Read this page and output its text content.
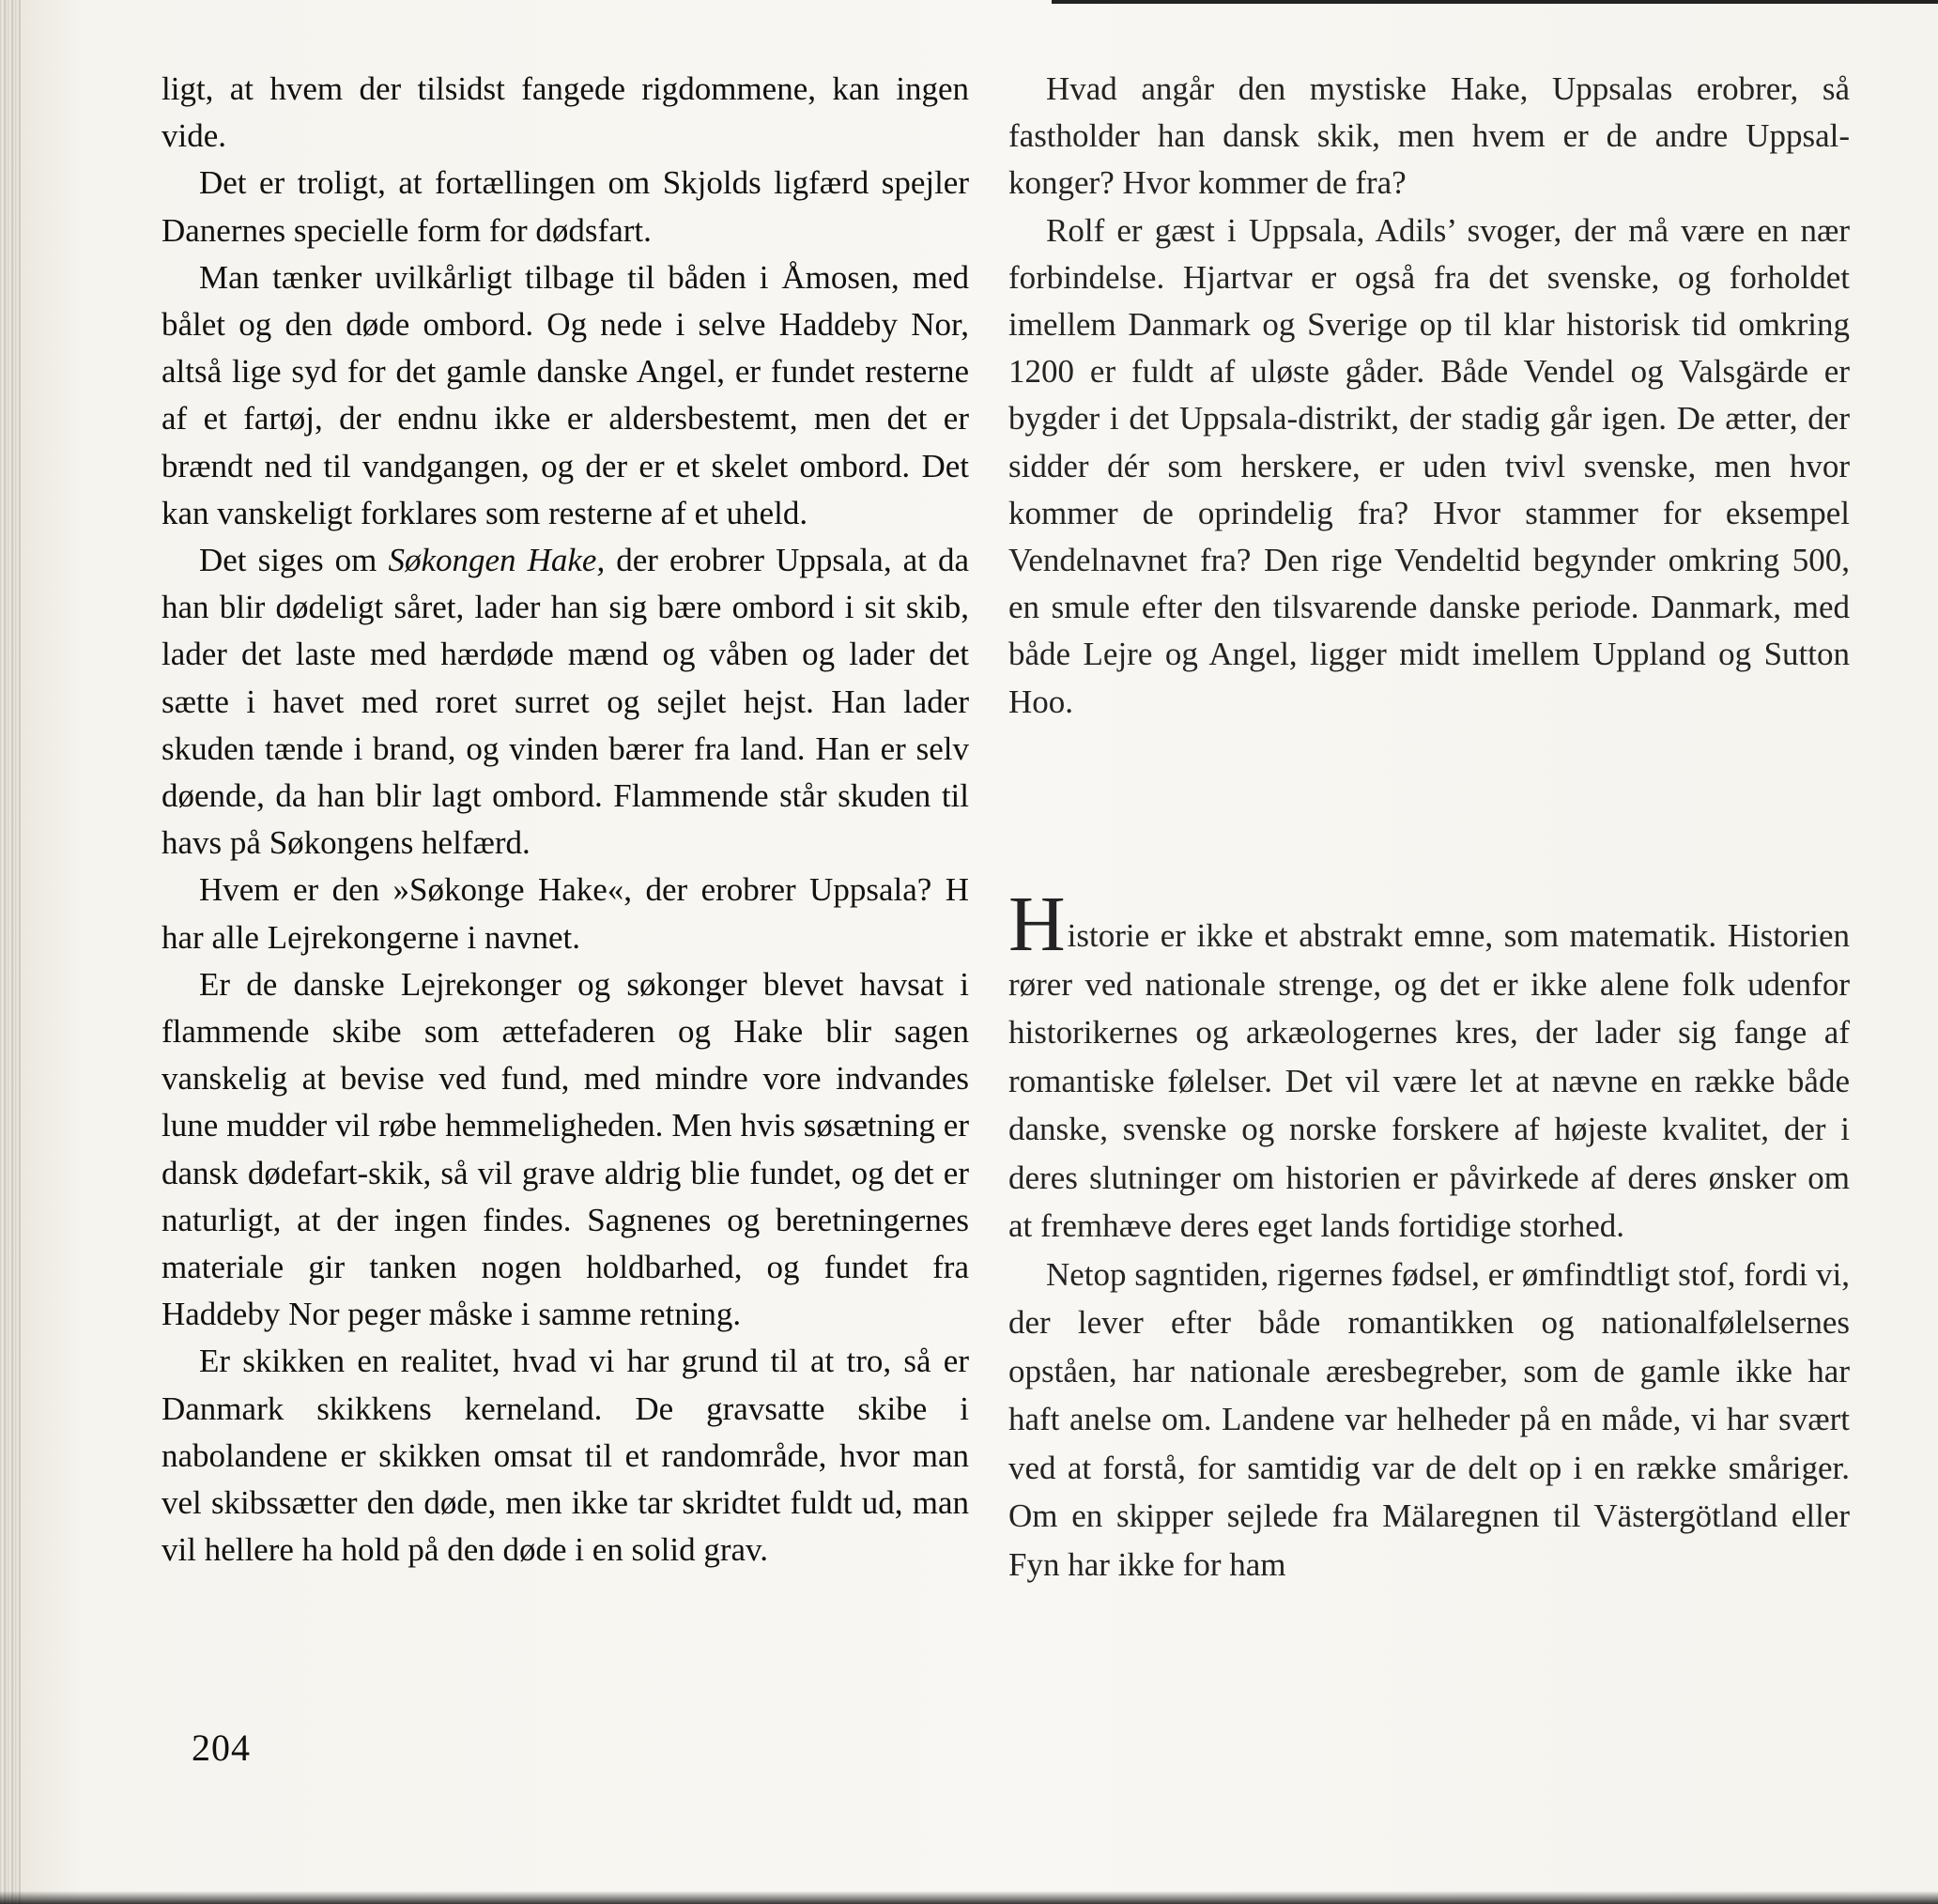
ligt, at hvem der tilsidst fangede rigdommene, kan ingen vide.

Det er troligt, at fortællingen om Skjolds ligfærd spejler Danernes specielle form for dødsfart.

Man tænker uvilkårligt tilbage til båden i Åmosen, med bålet og den døde ombord. Og nede i selve Haddeby Nor, altså lige syd for det gamle danske Angel, er fundet resterne af et fartøj, der endnu ikke er aldersbestemt, men det er brændt ned til vandgangen, og der er et skelet ombord. Det kan vanskeligt forklares som resterne af et uheld.

Det siges om Søkongen Hake, der erobrer Uppsala, at da han blir dødeligt såret, lader han sig bære ombord i sit skib, lader det laste med hærdøde mænd og våben og lader det sætte i havet med roret surret og sejlet hejst. Han lader skuden tænde i brand, og vinden bærer fra land. Han er selv døende, da han blir lagt ombord. Flammende står skuden til havs på Søkongens helfærd.

Hvem er den »Søkonge Hake«, der erobrer Uppsala? H har alle Lejrekongerne i navnet.

Er de danske Lejrekonger og søkonger blevet havsat i flammende skibe som ættefaderen og Hake blir sagen vanskelig at bevise ved fund, med mindre vore indvandes lune mudder vil røbe hemmeligheden. Men hvis søsætning er dansk dødefart-skik, så vil grave aldrig blie fundet, og det er naturligt, at der ingen findes. Sagnenes og beretningernes materiale gir tanken nogen holdbarhed, og fundet fra Haddeby Nor peger måske i samme retning.

Er skikken en realitet, hvad vi har grund til at tro, så er Danmark skikkens kerneland. De gravsatte skibe i nabolandene er skikken omsat til et randområde, hvor man vel skibssætter den døde, men ikke tar skridtet fuldt ud, man vil hellere ha hold på den døde i en solid grav.

Hvad angår den mystiske Hake, Uppsalas erobrer, så fastholder han dansk skik, men hvem er de andre Uppsal-konger? Hvor kommer de fra?

Rolf er gæst i Uppsala, Adils’ svoger, der må være en nær forbindelse. Hjartvar er også fra det svenske, og forholdet imellem Danmark og Sverige op til klar historisk tid omkring 1200 er fuldt af uløste gåder. Både Vendel og Valsgärde er bygder i det Uppsala-distrikt, der stadig går igen. De ætter, der sidder dér som herskere, er uden tvivl svenske, men hvor kommer de oprindelig fra? Hvor stammer for eksempel Vendelnavnet fra? Den rige Vendeltid begynder omkring 500, en smule efter den tilsvarende danske periode. Danmark, med både Lejre og Angel, ligger midt imellem Uppland og Sutton Hoo.

Historie er ikke et abstrakt emne, som matematik. Historien rører ved nationale strenge, og det er ikke alene folk udenfor historikernes og arkæologernes kres, der lader sig fange af romantiske følelser. Det vil være let at nævne en række både danske, svenske og norske forskere af højeste kvalitet, der i deres slutninger om historien er påvirkede af deres ønsker om at fremhæve deres eget lands fortidige storhed.

Netop sagntiden, rigernes fødsel, er ømfindtligt stof, fordi vi, der lever efter både romantikken og nationalfølelsernes opståen, har nationale æresbegreber, som de gamle ikke har haft anelse om. Landene var helheder på en måde, vi har svært ved at forstå, for samtidig var de delt op i en række småriger. Om en skipper sejlede fra Mälaregnen til Västergötland eller Fyn har ikke for ham

204
